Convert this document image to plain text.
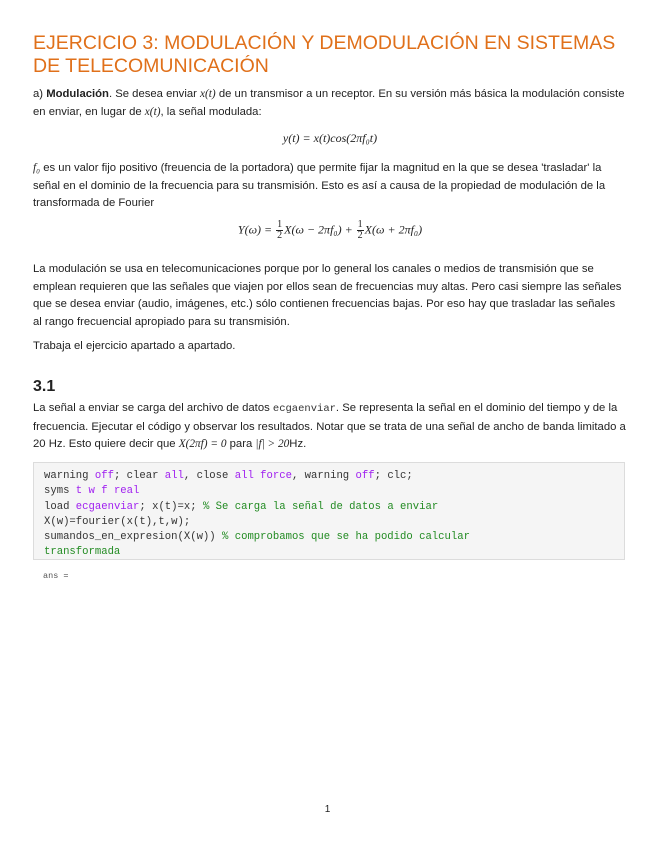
EJERCICIO 3: MODULACIÓN Y DEMODULACIÓN EN SISTEMAS DE TELECOMUNICACIÓN

a) Modulación. Se desea enviar x(t) de un transmisor a un receptor. En su versión más básica la modulación consiste en enviar, en lugar de x(t), la señal modulada:

y(t) = x(t)cos(2πf₀t)

f₀ es un valor fijo positivo (freuencia de la portadora) que permite fijar la magnitud en la que se desea 'trasladar' la señal en el dominio de la frecuencia para su transmisión. Esto es así a causa de la propiedad de modulación de la transformada de Fourier

$Y(\omega) = \frac{1}{2} X(\omega - 2\pi f_0) + \frac{1}{2} X(\omega + 2\pi f_0)$

La modulación se usa en telecomunicaciones porque por lo general los canales o medios de transmisión que se emplean requieren que las señales que viajen por ellos sean de frecuencias muy altas. Pero casi siempre las señales que se desea enviar (audio, imágenes, etc.) sólo contienen frecuencias bajas. Por eso hay que trasladar las señales al rango frecuencial apropiado para su transmisión.

Trabaja el ejercicio apartado a apartado.

3.1

La señal a enviar se carga del archivo de datos ecgaenviar. Se representa la señal en el dominio del tiempo y de la frecuencia. Ejecutar el código y observar los resultados. Notar que se trata de una señal de ancho de banda limitado a 20 Hz. Esto quiere decir que X(2πf) = 0 para |f| > 20Hz.

warning off; clear all, close all force, warning off; clc;
syms t w f real
load ecgaenviar; x(t)=x; % Se carga la señal de datos a enviar
X(w)=fourier(x(t),t,w);
sumandos_en_expresion(X(w)) % comprobamos que se ha podido calcular
transformada
ans =
1
